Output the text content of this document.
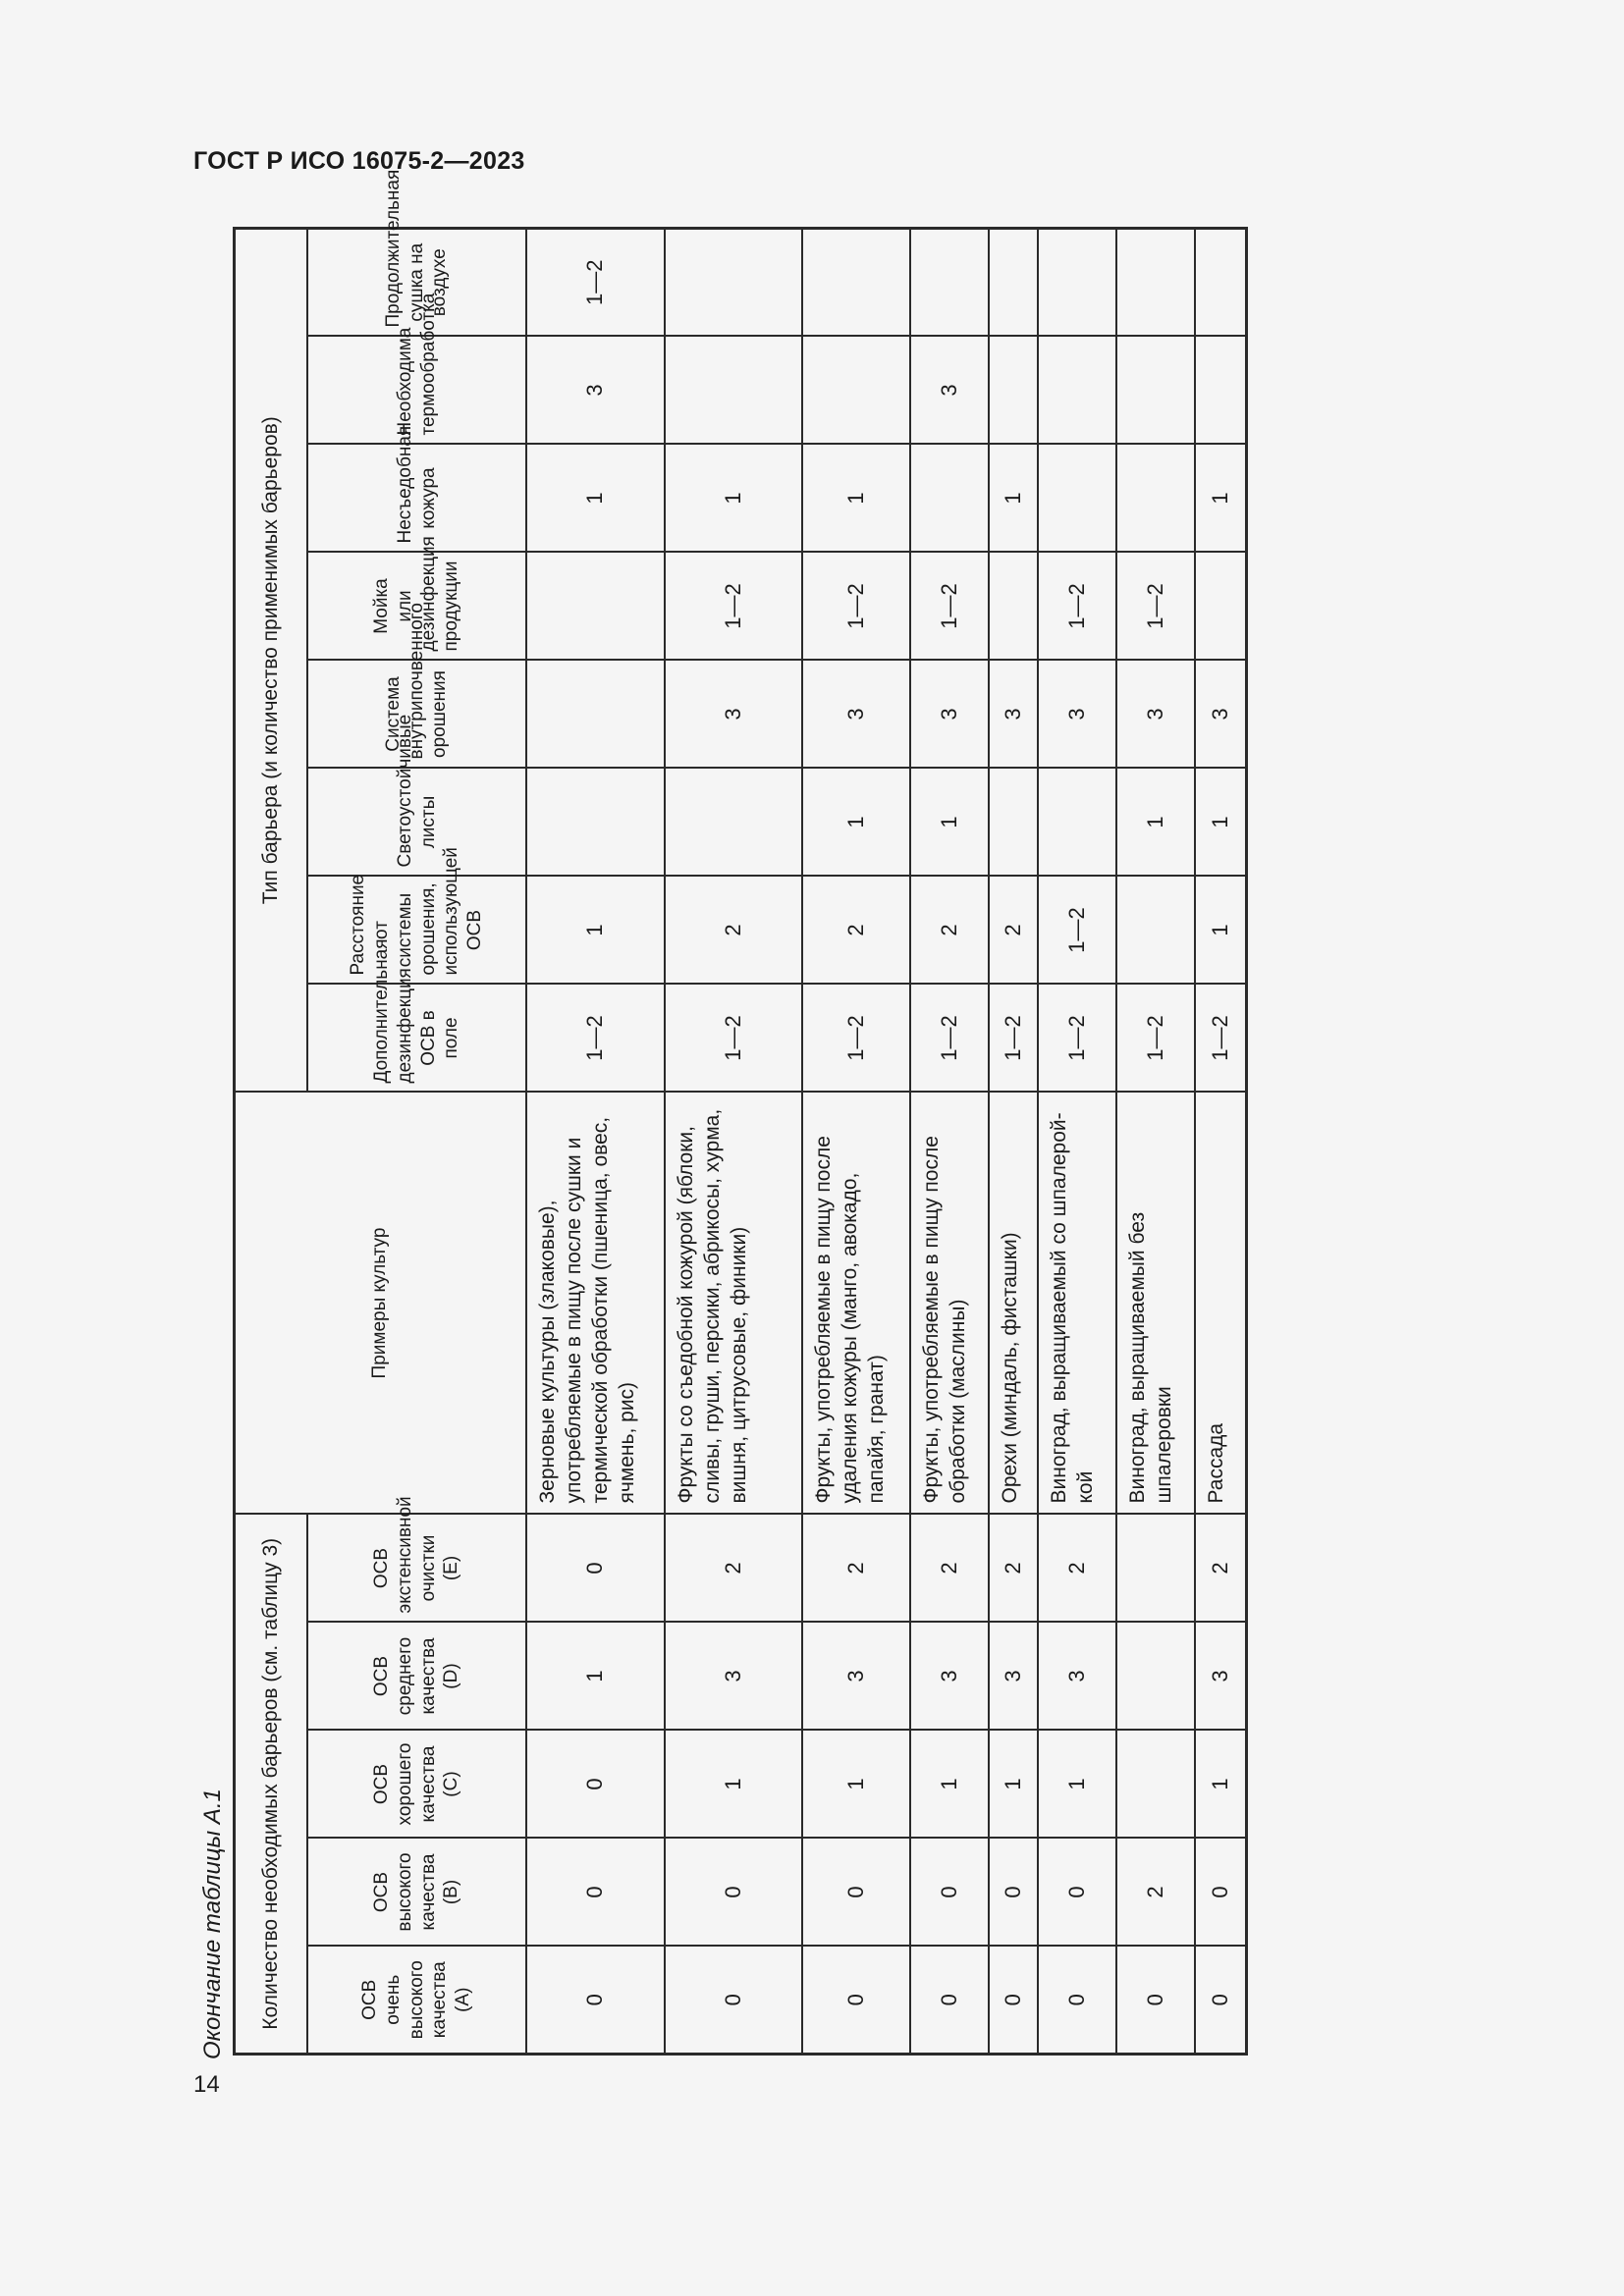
ГОСТ Р ИСО 16075-2—2023
Окончание таблицы А.1
14
Количество необходимых барьеров (см. таблицу 3)					Примеры культур	Тип барьера (и количество применимых барьеров)							
ОСВ очень высокого качества (A)	ОСВ высокого качества (B)	ОСВ хорошего качества (C)	ОСВ среднего качества (D)	ОСВ экстенсивной очистки (E)		Дополнительная дезинфекция ОСВ в поле	Расстояние от системы орошения, использующей ОСВ	Светоустойчивые листы	Система внутрипочвенного орошения	Мойка или дезинфекция продукции	Несъедобная кожура	Необходима термообработка	Продолжительная сушка на воздухе
0	0	0	1	0	Зерновые культуры (злаковые), употребляемые в пищу после сушки и термической обработки (пшеница, овес, ячмень, рис)	1—2	1				1	3	1—2
0	0	1	3	2	Фрукты со съедобной кожурой (яблоки, сливы, груши, персики, абрикосы, хурма, вишня, цитрусовые, финики)	1—2	2		3	1—2	1		
0	0	1	3	2	Фрукты, употребляемые в пищу после удаления кожуры (манго, авокадо, папайя, гранат)	1—2	2	1	3	1—2	1		
0	0	1	3	2	Фрукты, употребляемые в пищу после обработки (маслины)	1—2	2	1	3	1—2		3	
0	0	1	3	2	Орехи (миндаль, фисташки)	1—2	2		3		1		
0	0	1	3	2	Виноград, выращиваемый со шпалеройкой	1—2	1—2		3	1—2			
0	2				Виноград, выращиваемый без шпалеровки	1—2		1	3	1—2			
0	0	1	3	2	Рассада	1—2	1	1	3		1		
